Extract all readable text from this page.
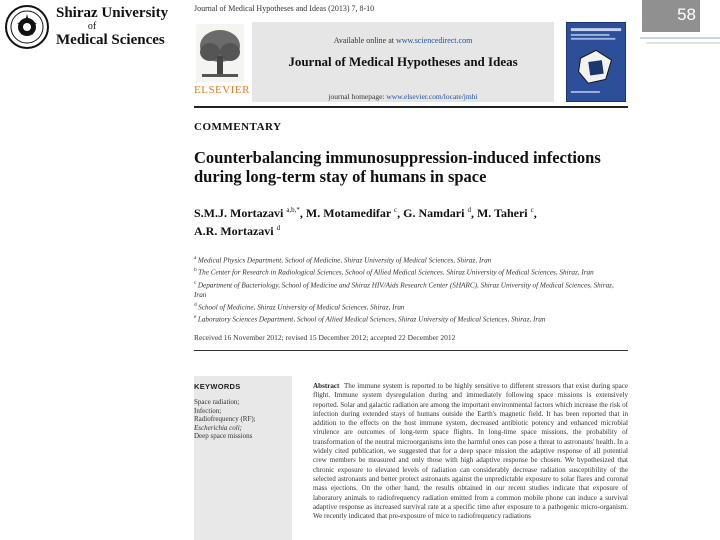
Shiraz University
of
Medical Sciences
58
Journal of Medical Hypotheses and Ideas (2013) 7, 8-10
ELSEVIER
Available online at www.sciencedirect.com
Journal of Medical Hypotheses and Ideas
journal homepage: www.elsevier.com/locate/jmhi
COMMENTARY
Counterbalancing immunosuppression-induced infections during long-term stay of humans in space
S.M.J. Mortazavi $^{a,b,*}$, M. Motamedifar $^c$, G. Namdari $^d$, M. Taheri $^c$,
A.R. Mortazavi $^d$
$^a$ Medical Physics Department, School of Medicine, Shiraz University of Medical Sciences, Shiraz, Iran
$^b$ The Center for Research in Radiological Sciences, School of Allied Medical Sciences, Shiraz University of Medical Sciences, Shiraz, Iran
$^c$ Department of Bacteriology, School of Medicine and Shiraz HIV/Aids Research Center (SHARC), Shiraz University of Medical Sciences, Shiraz, Iran
$^d$ School of Medicine, Shiraz University of Medical Sciences, Shiraz, Iran
$^e$ Laboratory Sciences Department, School of Allied Medical Sciences, Shiraz University of Medical Sciences, Shiraz, Iran
Received 16 November 2012; revised 15 December 2012; accepted 22 December 2012
KEYWORDS
Space radiation;
Infection;
Radiofrequency (RF);
Escherichia coli;
Deep space missions
Abstract The immune system is reported to be highly sensitive to different stressors that exist during space flight. Immune system dysregulation during and immediately following space missions is extensively reported. Solar and galactic radiation are among the important environmental factors which increase the risk of infection during extended stays of humans outside the Earth's magnetic field. It has been reported that in addition to the effects on the host immune system, decreased antibiotic potency and enhanced microbial virulence are outcomes of long-term space flights. In long-time space missions, the probability of transformation of the neutral microorganisms into the harmful ones can pose a threat to astronauts' health. In a widely cited publication, we suggested that for a deep space mission the adaptive response of all potential crew members be measured and only those with high adaptive response be chosen. We hypothesized that chronic exposure to elevated levels of radiation can considerably decrease radiation susceptibility of the selected astronauts and better protect astronauts against the unpredictable exposure to solar flares and coronal mass ejections. On the other hand, the results obtained in our recent studies indicate that exposure of laboratory animals to radiofrequency radiation emitted from a common mobile phone can induce a survival adaptive response as increased survival rate at a specific time after exposure to a pathogenic micro-organism. We recently indicated that pre-exposure of mice to radiofrequency radiations
